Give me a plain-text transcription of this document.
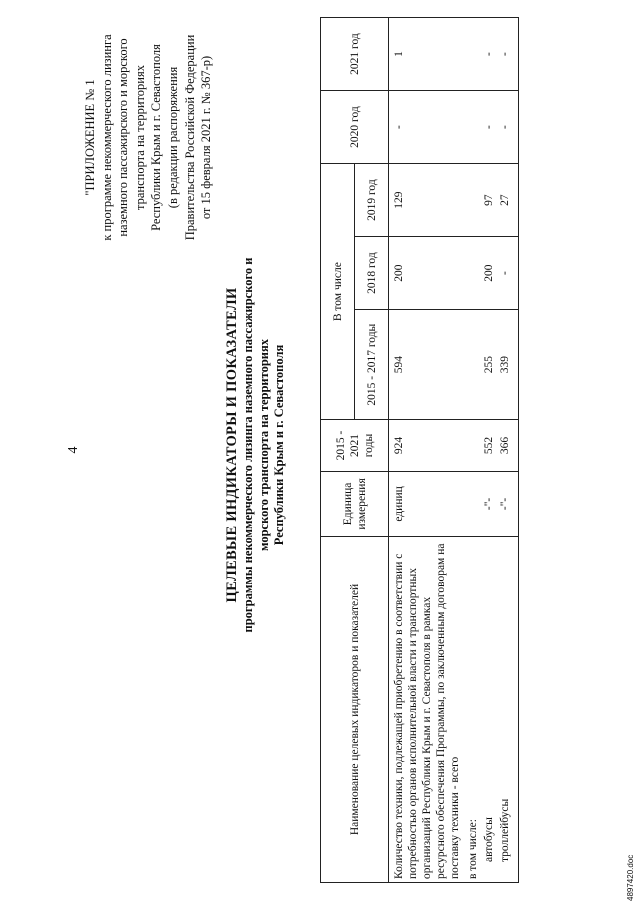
4
"ПРИЛОЖЕНИЕ № 1 к программе некоммерческого лизинга наземного пассажирского и морского транспорта на территориях Республики Крым и г. Севастополя (в редакции распоряжения Правительства Российской Федерации от 15 февраля 2021 г. № 367-р)
ЦЕЛЕВЫЕ ИНДИКАТОРЫ И ПОКАЗАТЕЛИ программы некоммерческого лизинга наземного пассажирского и морского транспорта на территориях Республики Крым и г. Севастополя
Наименование целевых индикаторов и показателей	Единица измерения	2015 - 2021 годы	В том числе			2020 год	2021 год
			2015 - 2017 годы	2018 год	2019 год		
Количество техники, подлежащей приобретению в соответствии с потребностью органов исполнительной власти и транспортных организаций Республики Крым и г. Севастополя в рамках ресурсного обеспечения Программы, по заключенным договорам на поставку техники - всего	единиц	924	594	200	129	-	1
в том числе:							
автобусы	-"-	552	255	200	97	-	-
троллейбусы	-"-	366	339	-	27	-	-
4897420.doc
